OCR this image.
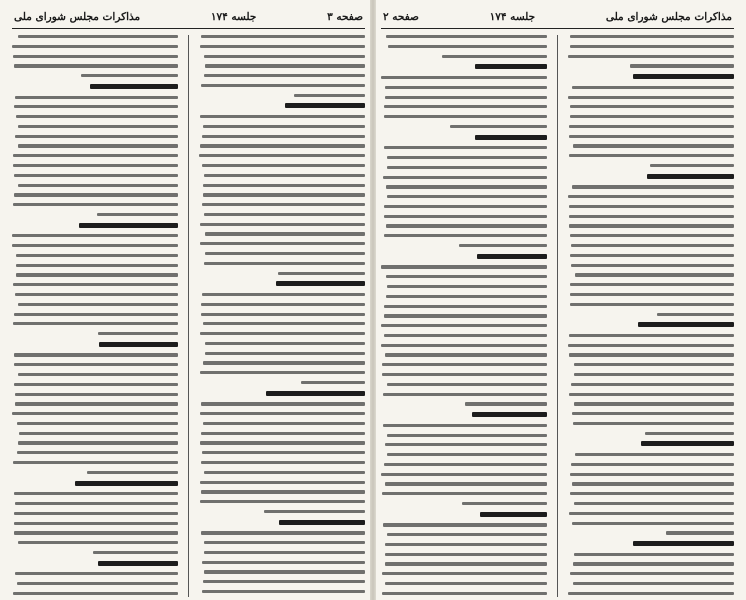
صفحه ۳
جلسه ۱۷۴
مذاکرات مجلس شورای ملی	مذاکرات مجلس شورای ملی
جلسه ۱۷۴
صفحه ۲
